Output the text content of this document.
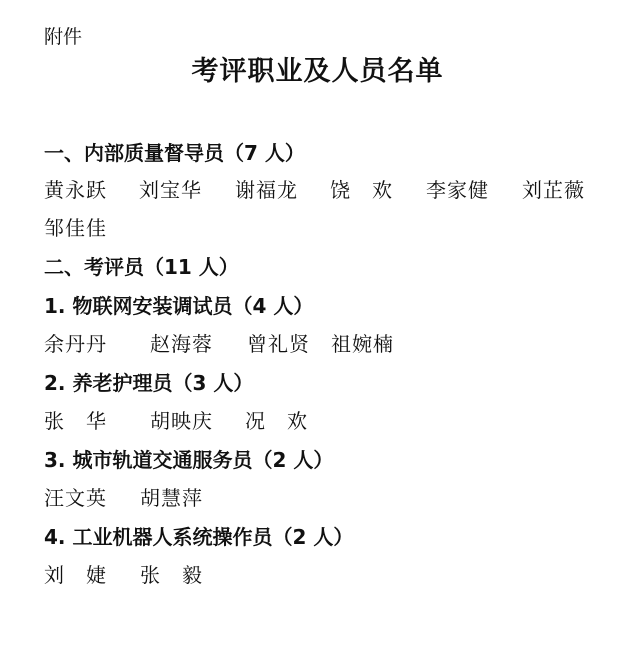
附件
考评职业及人员名单
一、内部质量督导员（7 人）
黄永跃 刘宝华 谢福龙 饶　欢 李家健 刘芷薇
邹佳佳
二、考评员（11 人）
1. 物联网安装调试员（4 人）
余丹丹 赵海蓉 曾礼贤 祖婉楠
2. 养老护理员（3 人）
张　华 胡映庆 况　欢
3. 城市轨道交通服务员（2 人）
汪文英 胡慧萍
4. 工业机器人系统操作员（2 人）
刘　婕 张　毅
